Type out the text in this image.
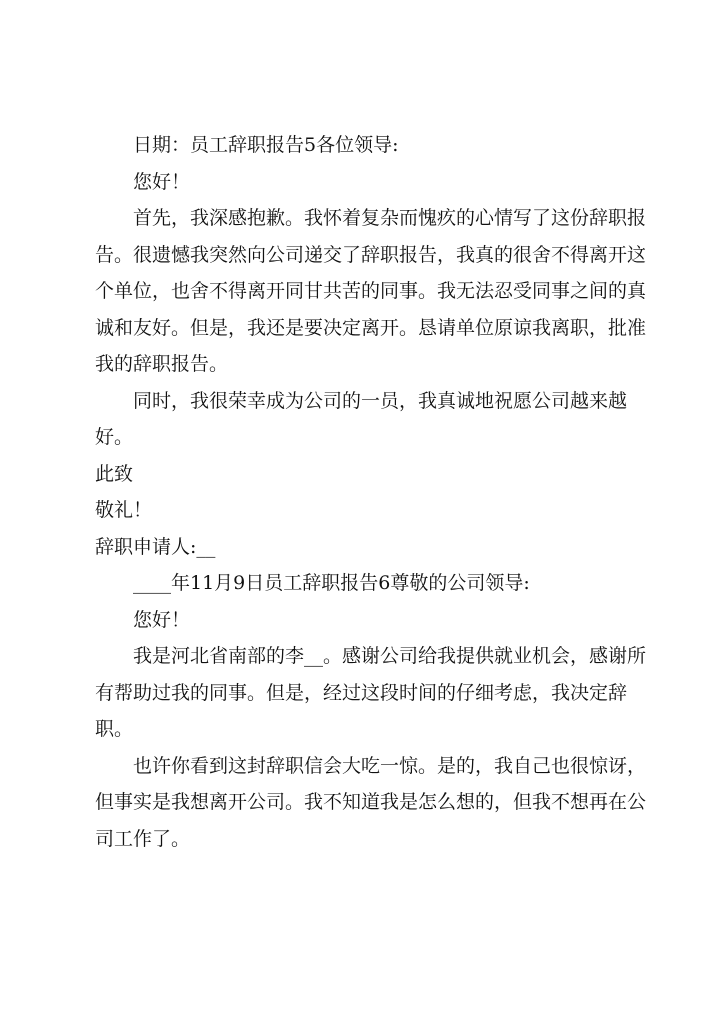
日期：员工辞职报告5各位领导:

您好！

首先，我深感抱歉。我怀着复杂而愧疚的心情写了这份辞职报告。很遗憾我突然向公司递交了辞职报告，我真的很舍不得离开这个单位，也舍不得离开同甘共苦的同事。我无法忍受同事之间的真诚和友好。但是，我还是要决定离开。恳请单位原谅我离职，批准我的辞职报告。

同时，我很荣幸成为公司的一员，我真诚地祝愿公司越来越好。

此致

敬礼！

辞职申请人:__

____年11月9日员工辞职报告6尊敬的公司领导:

您好！

我是河北省南部的李__。感谢公司给我提供就业机会，感谢所有帮助过我的同事。但是，经过这段时间的仔细考虑，我决定辞职。

也许你看到这封辞职信会大吃一惊。是的，我自己也很惊讶，但事实是我想离开公司。我不知道我是怎么想的，但我不想再在公司工作了。
